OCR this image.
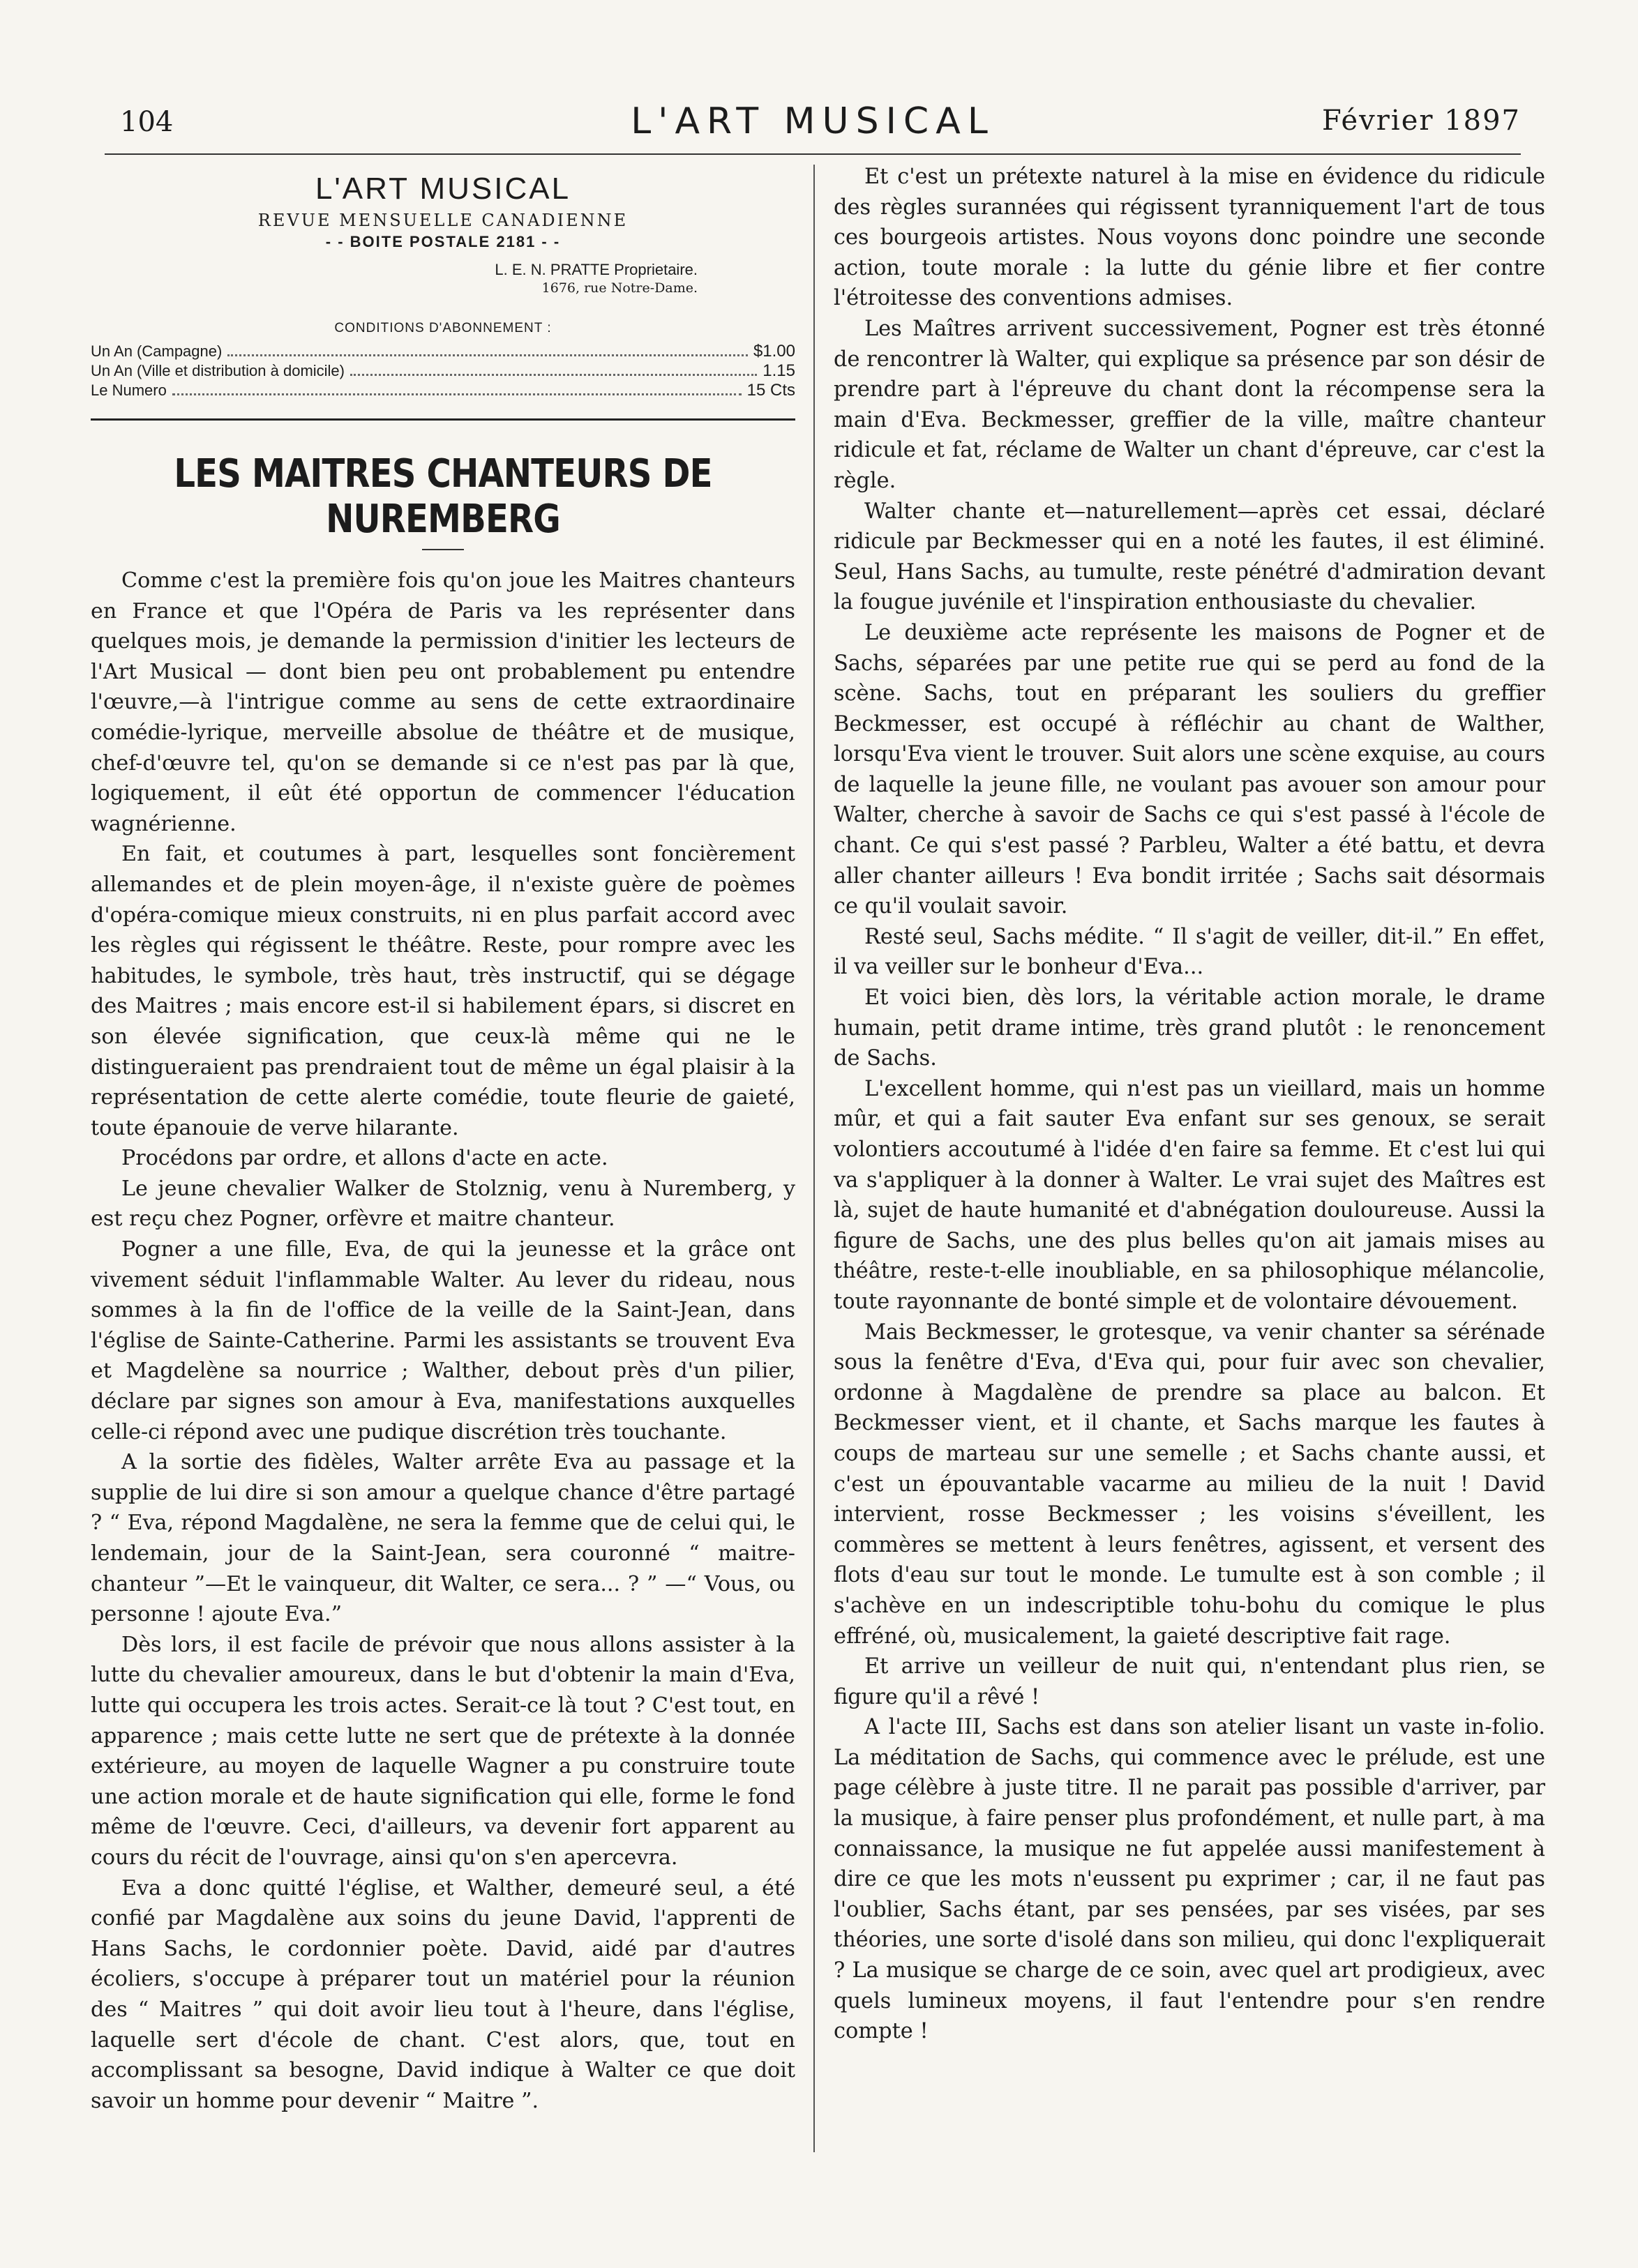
104	L'ART MUSICAL	Février 1897
L'ART MUSICAL
REVUE MENSUELLE CANADIENNE
- - BOITE POSTALE 2181 - -
L. E. N. PRATTE Proprietaire.
1676, rue Notre-Dame.
CONDITIONS D'ABONNEMENT :
Un An (Campagne)	$1.00
Un An (Ville et distribution à domicile)	1.15
Le Numero	15 Cts
LES MAITRES CHANTEURS DE NUREMBERG

Comme c'est la première fois qu'on joue les Maitres chanteurs en France et que l'Opéra de Paris va les représenter dans quelques mois, je demande la permission d'initier les lecteurs de l'Art Musical — dont bien peu ont probablement pu entendre l'œuvre,—à l'intrigue comme au sens de cette extraordinaire comédie-lyrique, merveille absolue de théâtre et de musique, chef-d'œuvre tel, qu'on se demande si ce n'est pas par là que, logiquement, il eût été opportun de commencer l'éducation wagnérienne.

En fait, et coutumes à part, lesquelles sont foncièrement allemandes et de plein moyen-âge, il n'existe guère de poèmes d'opéra-comique mieux construits, ni en plus parfait accord avec les règles qui régissent le théâtre. Reste, pour rompre avec les habitudes, le symbole, très haut, très instructif, qui se dégage des Maitres ; mais encore est-il si habilement épars, si discret en son élevée signification, que ceux-là même qui ne le distingueraient pas prendraient tout de même un égal plaisir à la représentation de cette alerte comédie, toute fleurie de gaieté, toute épanouie de verve hilarante.

Procédons par ordre, et allons d'acte en acte.

Le jeune chevalier Walker de Stolznig, venu à Nuremberg, y est reçu chez Pogner, orfèvre et maitre chanteur.

Pogner a une fille, Eva, de qui la jeunesse et la grâce ont vivement séduit l'inflammable Walter. Au lever du rideau, nous sommes à la fin de l'office de la veille de la Saint-Jean, dans l'église de Sainte-Catherine. Parmi les assistants se trouvent Eva et Magdelène sa nourrice ; Walther, debout près d'un pilier, déclare par signes son amour à Eva, manifestations auxquelles celle-ci répond avec une pudique discrétion très touchante.

A la sortie des fidèles, Walter arrête Eva au passage et la supplie de lui dire si son amour a quelque chance d'être partagé ? “ Eva, répond Magdalène, ne sera la femme que de celui qui, le lendemain, jour de la Saint-Jean, sera couronné “ maitre-chanteur ”—Et le vainqueur, dit Walter, ce sera... ? ” —“ Vous, ou personne ! ajoute Eva.”

Dès lors, il est facile de prévoir que nous allons assister à la lutte du chevalier amoureux, dans le but d'obtenir la main d'Eva, lutte qui occupera les trois actes. Serait-ce là tout ? C'est tout, en apparence ; mais cette lutte ne sert que de prétexte à la donnée extérieure, au moyen de laquelle Wagner a pu construire toute une action morale et de haute signification qui elle, forme le fond même de l'œuvre. Ceci, d'ailleurs, va devenir fort apparent au cours du récit de l'ouvrage, ainsi qu'on s'en apercevra.

Eva a donc quitté l'église, et Walther, demeuré seul, a été confié par Magdalène aux soins du jeune David, l'apprenti de Hans Sachs, le cordonnier poète. David, aidé par d'autres écoliers, s'occupe à préparer tout un matériel pour la réunion des “ Maitres ” qui doit avoir lieu tout à l'heure, dans l'église, laquelle sert d'école de chant. C'est alors, que, tout en accomplissant sa besogne, David indique à Walter ce que doit savoir un homme pour devenir “ Maitre ”.

Et c'est un prétexte naturel à la mise en évidence du ridicule des règles surannées qui régissent tyranniquement l'art de tous ces bourgeois artistes. Nous voyons donc poindre une seconde action, toute morale : la lutte du génie libre et fier contre l'étroitesse des conventions admises.

Les Maîtres arrivent successivement, Pogner est très étonné de rencontrer là Walter, qui explique sa présence par son désir de prendre part à l'épreuve du chant dont la récompense sera la main d'Eva. Beckmesser, greffier de la ville, maître chanteur ridicule et fat, réclame de Walter un chant d'épreuve, car c'est la règle.

Walter chante et—naturellement—après cet essai, déclaré ridicule par Beckmesser qui en a noté les fautes, il est éliminé. Seul, Hans Sachs, au tumulte, reste pénétré d'admiration devant la fougue juvénile et l'inspiration enthousiaste du chevalier.

Le deuxième acte représente les maisons de Pogner et de Sachs, séparées par une petite rue qui se perd au fond de la scène. Sachs, tout en préparant les souliers du greffier Beckmesser, est occupé à réfléchir au chant de Walther, lorsqu'Eva vient le trouver. Suit alors une scène exquise, au cours de laquelle la jeune fille, ne voulant pas avouer son amour pour Walter, cherche à savoir de Sachs ce qui s'est passé à l'école de chant. Ce qui s'est passé ? Parbleu, Walter a été battu, et devra aller chanter ailleurs ! Eva bondit irritée ; Sachs sait désormais ce qu'il voulait savoir.

Resté seul, Sachs médite. “ Il s'agit de veiller, dit-il.” En effet, il va veiller sur le bonheur d'Eva...

Et voici bien, dès lors, la véritable action morale, le drame humain, petit drame intime, très grand plutôt : le renoncement de Sachs.

L'excellent homme, qui n'est pas un vieillard, mais un homme mûr, et qui a fait sauter Eva enfant sur ses genoux, se serait volontiers accoutumé à l'idée d'en faire sa femme. Et c'est lui qui va s'appliquer à la donner à Walter. Le vrai sujet des Maîtres est là, sujet de haute humanité et d'abnégation douloureuse. Aussi la figure de Sachs, une des plus belles qu'on ait jamais mises au théâtre, reste-t-elle inoubliable, en sa philosophique mélancolie, toute rayonnante de bonté simple et de volontaire dévouement.

Mais Beckmesser, le grotesque, va venir chanter sa sérénade sous la fenêtre d'Eva, d'Eva qui, pour fuir avec son chevalier, ordonne à Magdalène de prendre sa place au balcon. Et Beckmesser vient, et il chante, et Sachs marque les fautes à coups de marteau sur une semelle ; et Sachs chante aussi, et c'est un épouvantable vacarme au milieu de la nuit ! David intervient, rosse Beckmesser ; les voisins s'éveillent, les commères se mettent à leurs fenêtres, agissent, et versent des flots d'eau sur tout le monde. Le tumulte est à son comble ; il s'achève en un indescriptible tohu-bohu du comique le plus effréné, où, musicalement, la gaieté descriptive fait rage.

Et arrive un veilleur de nuit qui, n'entendant plus rien, se figure qu'il a rêvé !

A l'acte III, Sachs est dans son atelier lisant un vaste in-folio. La méditation de Sachs, qui commence avec le prélude, est une page célèbre à juste titre. Il ne parait pas possible d'arriver, par la musique, à faire penser plus profondément, et nulle part, à ma connaissance, la musique ne fut appelée aussi manifestement à dire ce que les mots n'eussent pu exprimer ; car, il ne faut pas l'oublier, Sachs étant, par ses pensées, par ses visées, par ses théories, une sorte d'isolé dans son milieu, qui donc l'expliquerait ? La musique se charge de ce soin, avec quel art prodigieux, avec quels lumineux moyens, il faut l'entendre pour s'en rendre compte !
